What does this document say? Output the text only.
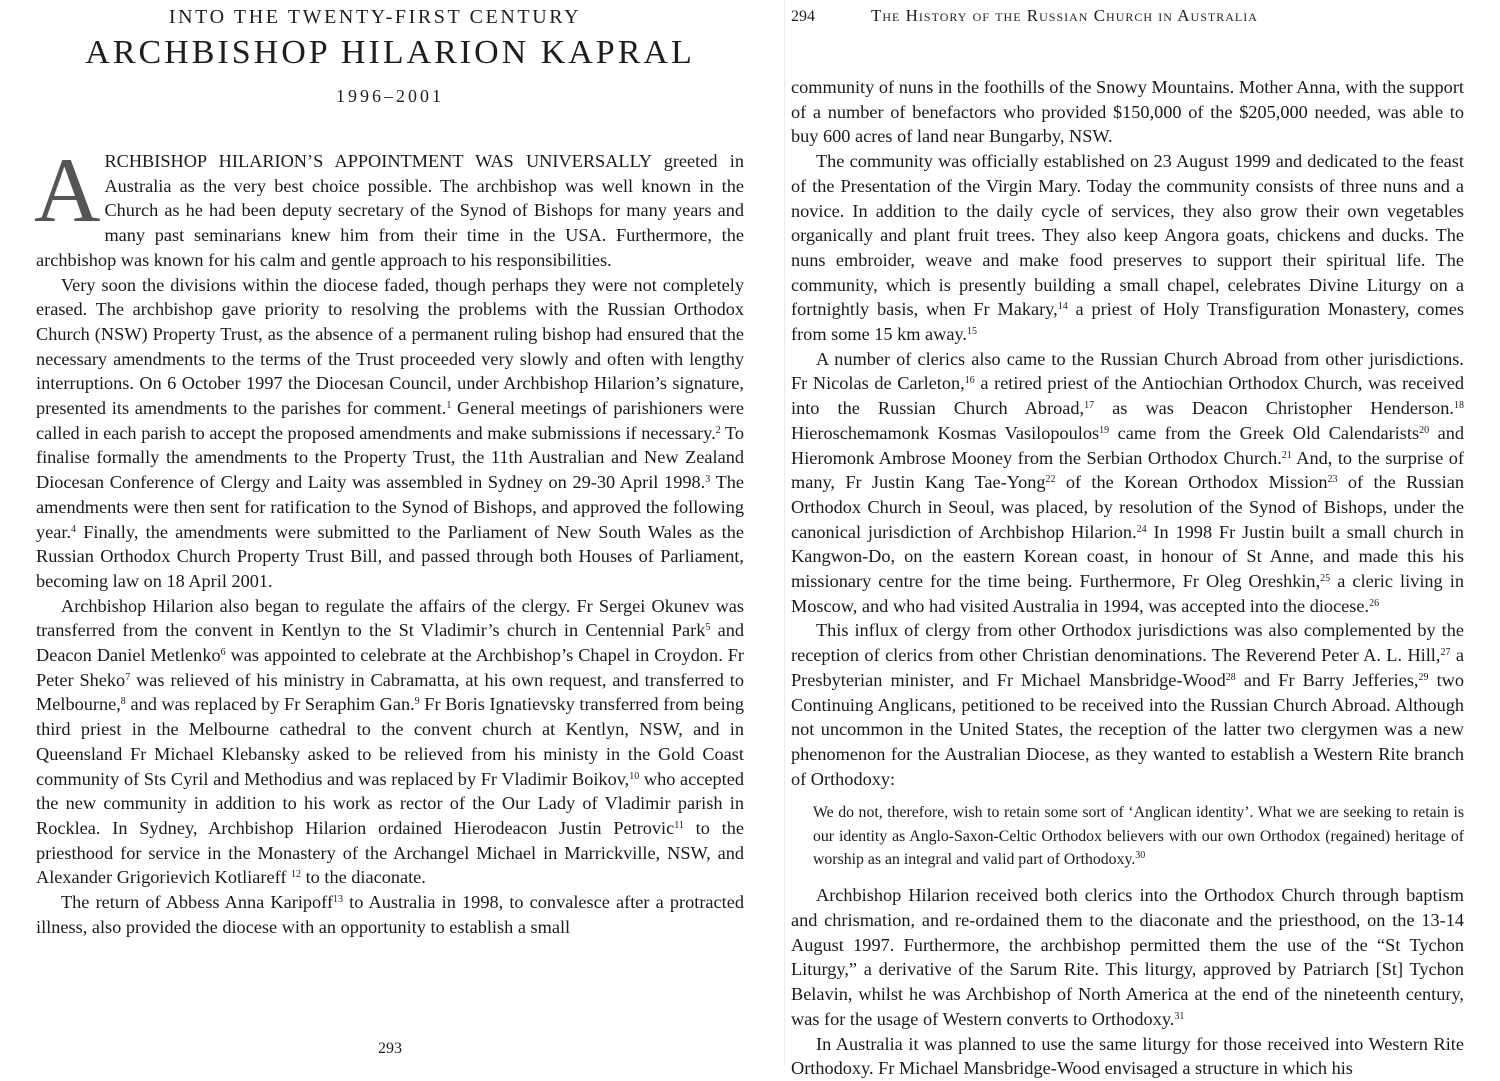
INTO THE TWENTY-FIRST CENTURY
ARCHBISHOP HILARION KAPRAL
1996–2001

ARCHBISHOP HILARION’S APPOINTMENT WAS UNIVERSALLY greeted in Australia as the very best choice possible. The archbishop was well known in the Church as he had been deputy secretary of the Synod of Bishops for many years and many past seminarians knew him from their time in the USA. Furthermore, the archbishop was known for his calm and gentle approach to his responsibilities.

Very soon the divisions within the diocese faded, though perhaps they were not completely erased. The archbishop gave priority to resolving the problems with the Russian Orthodox Church (NSW) Property Trust, as the absence of a permanent ruling bishop had ensured that the necessary amendments to the terms of the Trust proceeded very slowly and often with lengthy interruptions. On 6 October 1997 the Diocesan Council, under Archbishop Hilarion’s signature, presented its amendments to the parishes for comment.$^1$ General meetings of parishioners were called in each parish to accept the proposed amendments and make submissions if necessary.$^2$ To finalise formally the amendments to the Property Trust, the 11th Australian and New Zealand Diocesan Conference of Clergy and Laity was assembled in Sydney on 29-30 April 1998.$^3$ The amendments were then sent for ratification to the Synod of Bishops, and approved the following year.$^4$ Finally, the amendments were submitted to the Parliament of New South Wales as the Russian Orthodox Church Property Trust Bill, and passed through both Houses of Parliament, becoming law on 18 April 2001.

Archbishop Hilarion also began to regulate the affairs of the clergy. Fr Sergei Okunev was transferred from the convent in Kentlyn to the St Vladimir’s church in Centennial Park$^5$ and Deacon Daniel Metlenko$^6$ was appointed to celebrate at the Archbishop’s Chapel in Croydon. Fr Peter Sheko$^7$ was relieved of his ministry in Cabramatta, at his own request, and transferred to Melbourne,$^8$ and was replaced by Fr Seraphim Gan.$^9$ Fr Boris Ignatievsky transferred from being third priest in the Melbourne cathedral to the convent church at Kentlyn, NSW, and in Queensland Fr Michael Klebansky asked to be relieved from his ministy in the Gold Coast community of Sts Cyril and Methodius and was replaced by Fr Vladimir Boikov,$^{10}$ who accepted the new community in addition to his work as rector of the Our Lady of Vladimir parish in Rocklea. In Sydney, Archbishop Hilarion ordained Hierodeacon Justin Petrovic$^{11}$ to the priesthood for service in the Monastery of the Archangel Michael in Marrickville, NSW, and Alexander Grigorievich Kotliareff $^{12}$ to the diaconate.

The return of Abbess Anna Karipoff$^{13}$ to Australia in 1998, to convalesce after a protracted illness, also provided the diocese with an opportunity to establish a small

293
294	The History of the Russian Church in Australia

community of nuns in the foothills of the Snowy Mountains. Mother Anna, with the support of a number of benefactors who provided $150,000 of the $205,000 needed, was able to buy 600 acres of land near Bungarby, NSW.

The community was officially established on 23 August 1999 and dedicated to the feast of the Presentation of the Virgin Mary. Today the community consists of three nuns and a novice. In addition to the daily cycle of services, they also grow their own vegetables organically and plant fruit trees. They also keep Angora goats, chickens and ducks. The nuns embroider, weave and make food preserves to support their spiritual life. The community, which is presently building a small chapel, celebrates Divine Liturgy on a fortnightly basis, when Fr Makary,$^{14}$ a priest of Holy Transfiguration Monastery, comes from some 15 km away.$^{15}$

A number of clerics also came to the Russian Church Abroad from other jurisdictions. Fr Nicolas de Carleton,$^{16}$ a retired priest of the Antiochian Orthodox Church, was received into the Russian Church Abroad,$^{17}$ as was Deacon Christopher Henderson.$^{18}$ Hieroschemamonk Kosmas Vasilopoulos$^{19}$ came from the Greek Old Calendarists$^{20}$ and Hieromonk Ambrose Mooney from the Serbian Orthodox Church.$^{21}$ And, to the surprise of many, Fr Justin Kang Tae-Yong$^{22}$ of the Korean Orthodox Mission$^{23}$ of the Russian Orthodox Church in Seoul, was placed, by resolution of the Synod of Bishops, under the canonical jurisdiction of Archbishop Hilarion.$^{24}$ In 1998 Fr Justin built a small church in Kangwon-Do, on the eastern Korean coast, in honour of St Anne, and made this his missionary centre for the time being. Furthermore, Fr Oleg Oreshkin,$^{25}$ a cleric living in Moscow, and who had visited Australia in 1994, was accepted into the diocese.$^{26}$

This influx of clergy from other Orthodox jurisdictions was also complemented by the reception of clerics from other Christian denominations. The Reverend Peter A. L. Hill,$^{27}$ a Presbyterian minister, and Fr Michael Mansbridge-Wood$^{28}$ and Fr Barry Jefferies,$^{29}$ two Continuing Anglicans, petitioned to be received into the Russian Church Abroad. Although not uncommon in the United States, the reception of the latter two clergymen was a new phenomenon for the Australian Diocese, as they wanted to establish a Western Rite branch of Orthodoxy:

We do not, therefore, wish to retain some sort of ‘Anglican identity’. What we are seeking to retain is our identity as Anglo-Saxon-Celtic Orthodox believers with our own Orthodox (regained) heritage of worship as an integral and valid part of Orthodoxy.$^{30}$

Archbishop Hilarion received both clerics into the Orthodox Church through baptism and chrismation, and re-ordained them to the diaconate and the priesthood, on the 13-14 August 1997. Furthermore, the archbishop permitted them the use of the “St Tychon Liturgy,” a derivative of the Sarum Rite. This liturgy, approved by Patriarch [St] Tychon Belavin, whilst he was Archbishop of North America at the end of the nineteenth century, was for the usage of Western converts to Orthodoxy.$^{31}$

In Australia it was planned to use the same liturgy for those received into Western Rite Orthodoxy. Fr Michael Mansbridge-Wood envisaged a structure in which his
